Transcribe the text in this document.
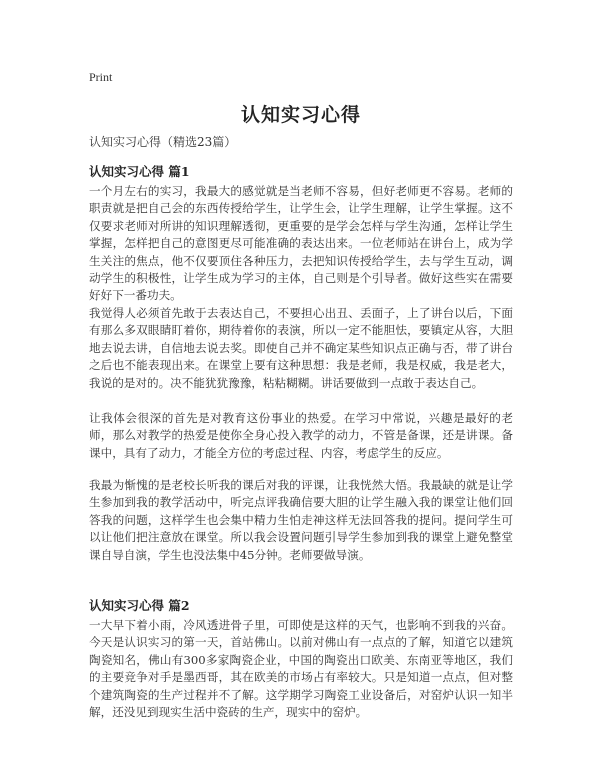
Print
认知实习心得
认知实习心得（精选23篇）
认知实习心得 篇1

一个月左右的实习，我最大的感觉就是当老师不容易，但好老师更不容易。老师的职责就是把自己会的东西传授给学生，让学生会，让学生理解，让学生掌握。这不仅要求老师对所讲的知识理解透彻，更重要的是学会怎样与学生沟通，怎样让学生掌握，怎样把自己的意图更尽可能准确的表达出来。一位老师站在讲台上，成为学生关注的焦点，他不仅要顶住各种压力，去把知识传授给学生，去与学生互动，调动学生的积极性，让学生成为学习的主体，自己则是个引导者。做好这些实在需要好好下一番功夫。

我觉得人必须首先敢于去表达自己，不要担心出丑、丢面子，上了讲台以后，下面有那么多双眼睛盯着你，期待着你的表演，所以一定不能胆怯，要镇定从容，大胆地去说去讲，自信地去说去奖。即使自己并不确定某些知识点正确与否，带了讲台之后也不能表现出来。在课堂上要有这种思想：我是老师，我是权威，我是老大，我说的是对的。决不能犹犹豫豫，粘粘糊糊。讲话要做到一点敢于表达自己。

让我体会很深的首先是对教育这份事业的热爱。在学习中常说，兴趣是最好的老师，那么对教学的热爱是使你全身心投入教学的动力，不管是备课，还是讲课。备课中，具有了动力，才能全方位的考虑过程、内容，考虑学生的反应。

我最为惭愧的是老校长听我的课后对我的评课，让我恍然大悟。我最缺的就是让学生参加到我的教学活动中，听完点评我确信要大胆的让学生融入我的课堂让他们回答我的问题，这样学生也会集中精力生怕走神这样无法回答我的提问。提问学生可以让他们把注意放在课堂。所以我会设置问题引导学生参加到我的课堂上避免整堂课自导自演，学生也没法集中45分钟。老师要做导演。

认知实习心得 篇2

一大早下着小雨，冷风透进骨子里，可即使是这样的天气，也影响不到我的兴奋。今天是认识实习的第一天，首站佛山。以前对佛山有一点点的了解，知道它以建筑陶瓷知名，佛山有300多家陶瓷企业，中国的陶瓷出口欧美、东南亚等地区，我们的主要竞争对手是墨西哥，其在欧美的市场占有率较大。只是知道一点点，但对整个建筑陶瓷的生产过程并不了解。这学期学习陶瓷工业设备后，对窑炉认识一知半解，还没见到现实生活中瓷砖的生产，现实中的窑炉。
